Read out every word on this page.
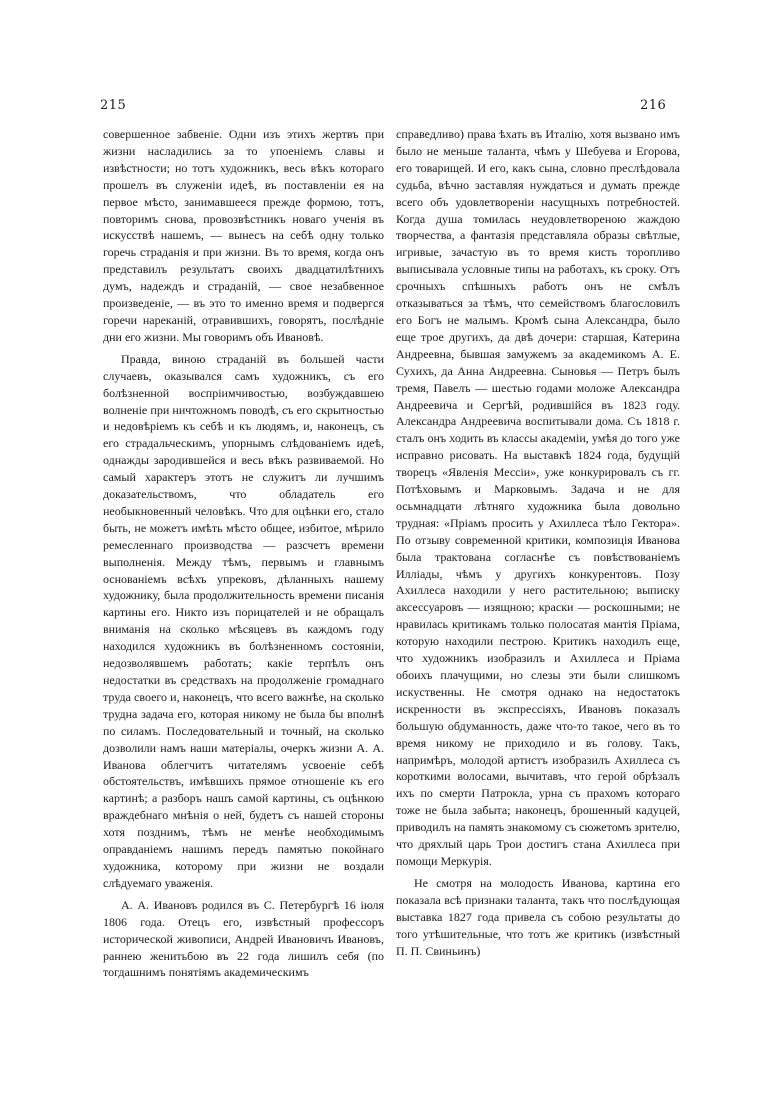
215	216

совершенное забвеніе. Одни изъ этихъ жертвъ при жизни насладились за то упоеніемъ славы и извѣстности; но тотъ художникъ, весь вѣкъ котораго прошелъ въ служеніи идеѣ, въ поставленіи ея на первое мѣсто, занимавшееся прежде формою, тотъ, повторимъ снова, провозвѣстникъ новаго ученія въ искусствѣ нашемъ, — вынесъ на себѣ одну только горечь страданія и при жизни. Въ то время, когда онъ представилъ результатъ своихъ двадцатилѣтнихъ думъ, надеждъ и страданій, — свое незабвенное произведеніе, — въ это то именно время и подвергся горечи нареканій, отравившихъ, говорятъ, послѣдніе дни его жизни. Мы говоримъ объ Ивановѣ.

Правда, виною страданій въ большей части случаевъ, оказывался самъ художникъ, съ его болѣзненной воспріимчивостью, возбуждавшею волненіе при ничтожномъ поводѣ, съ его скрытностью и недовѣріемъ къ себѣ и къ людямъ, и, наконецъ, съ его страдальческимъ, упорнымъ слѣдованіемъ идеѣ, однажды зародившейся и весь вѣкъ развиваемой. Но самый характеръ этотъ не служитъ ли лучшимъ доказательствомъ, что обладатель его необыкновенный человѣкъ. Что для оцѣнки его, стало быть, не можетъ имѣть мѣсто общее, избитое, мѣрило ремесленнаго производства — разсчетъ времени выполненія. Между тѣмъ, первымъ и главнымъ основаніемъ всѣхъ упрековъ, дѣланныхъ нашему художнику, была продолжительность времени писанія картины его. Никто изъ порицателей и не обращалъ вниманія на сколько мѣсяцевъ въ каждомъ году находился художникъ въ болѣзненномъ состояніи, недозволявшемъ работать; какіе терпѣлъ онъ недостатки въ средствахъ на продолженіе громаднаго труда своего и, наконецъ, что всего важнѣе, на сколько трудна задача его, которая никому не была бы вполнѣ по силамъ. Последовательный и точный, на сколько дозволили намъ наши матеріалы, очеркъ жизни А. А. Иванова облегчитъ читателямъ усвоеніе себѣ обстоятельствъ, имѣвшихъ прямое отношеніе къ его картинѣ; а разборъ нашъ самой картины, съ оцѣнкою враждебнаго мнѣнія о ней, будетъ съ нашей стороны хотя позднимъ, тѣмъ не менѣе необходимымъ оправданіемъ нашимъ передъ памятью покойнаго художника, которому при жизни не воздали слѣдуемаго уваженія.

А. А. Ивановъ родился въ С. Петербургѣ 16 іюля 1806 года. Отецъ его, извѣстный профессоръ исторической живописи, Андрей Ивановичъ Ивановъ, раннею женитьбою въ 22 года лишилъ себя (по тогдашнимъ понятіямъ академическимъ

справедливо) права ѣхать въ Италію, хотя вызвано имъ было не меньше таланта, чѣмъ у Шебуева и Егорова, его товарищей. И его, какъ сына, словно преслѣдовала судьба, вѣчно заставляя нуждаться и думать прежде всего объ удовлетвореніи насущныхъ потребностей. Когда душа томилась неудовлетвореною жаждою творчества, а фантазія представляла образы свѣтлые, игривые, зачастую въ то время кисть торопливо выписывала условные типы на работахъ, къ сроку. Отъ срочныхъ спѣшныхъ работъ онъ не смѣлъ отказываться за тѣмъ, что семействомъ благословилъ его Богъ не малымъ. Кромѣ сына Александра, было еще трое другихъ, да двѣ дочери: старшая, Катерина Андреевна, бывшая замужемъ за академикомъ А. Е. Сухихъ, да Анна Андреевна. Сыновья — Петръ былъ тремя, Павелъ — шестью годами моложе Александра Андреевича и Сергѣй, родившійся въ 1823 году. Александра Андреевича воспитывали дома. Съ 1818 г. сталъ онъ ходить въ классы академіи, умѣя до того уже исправно рисовать. На выставкѣ 1824 года, будущій творецъ «Явленія Мессіи», уже конкурировалъ съ гг. Потѣховымъ и Марковымъ. Задача и не для осьмнадцати лѣтняго художника была довольно трудная: «Пріамъ просить у Ахиллеса тѣло Гектора». По отзыву современной критики, композиція Иванова была трактована согласнѣе съ повѣствованіемъ Илліады, чѣмъ у другихъ конкурентовъ. Позу Ахиллеса находили у него растительною; выписку аксессуаровъ — изящною; краски — роскошными; не нравилась критикамъ только полосатая мантія Пріама, которую находили пестрою. Критикъ находилъ еще, что художникъ изобразилъ и Ахиллеса и Пріама обоихъ плачущими, но слезы эти были слишкомъ искуственны. Не смотря однако на недостатокъ искренности въ экспрессіяхъ, Ивановъ показалъ большую обдуманность, даже что-то такое, чего въ то время никому не приходило и въ голову. Такъ, напримѣръ, молодой артистъ изобразилъ Ахиллеса съ короткими волосами, вычитавъ, что герой обрѣзалъ ихъ по смерти Патрокла, урна съ прахомъ котораго тоже не была забыта; наконецъ, брошенный кадуцей, приводилъ на память знакомому съ сюжетомъ зрителю, что дряхлый царь Трои достигъ стана Ахиллеса при помощи Меркурія.

Не смотря на молодость Иванова, картина его показала всѣ признаки таланта, такъ что послѣдующая выставка 1827 года привела съ собою результаты до того утѣшительные, что тотъ же критикъ (извѣстный П. П. Свиньинъ)
